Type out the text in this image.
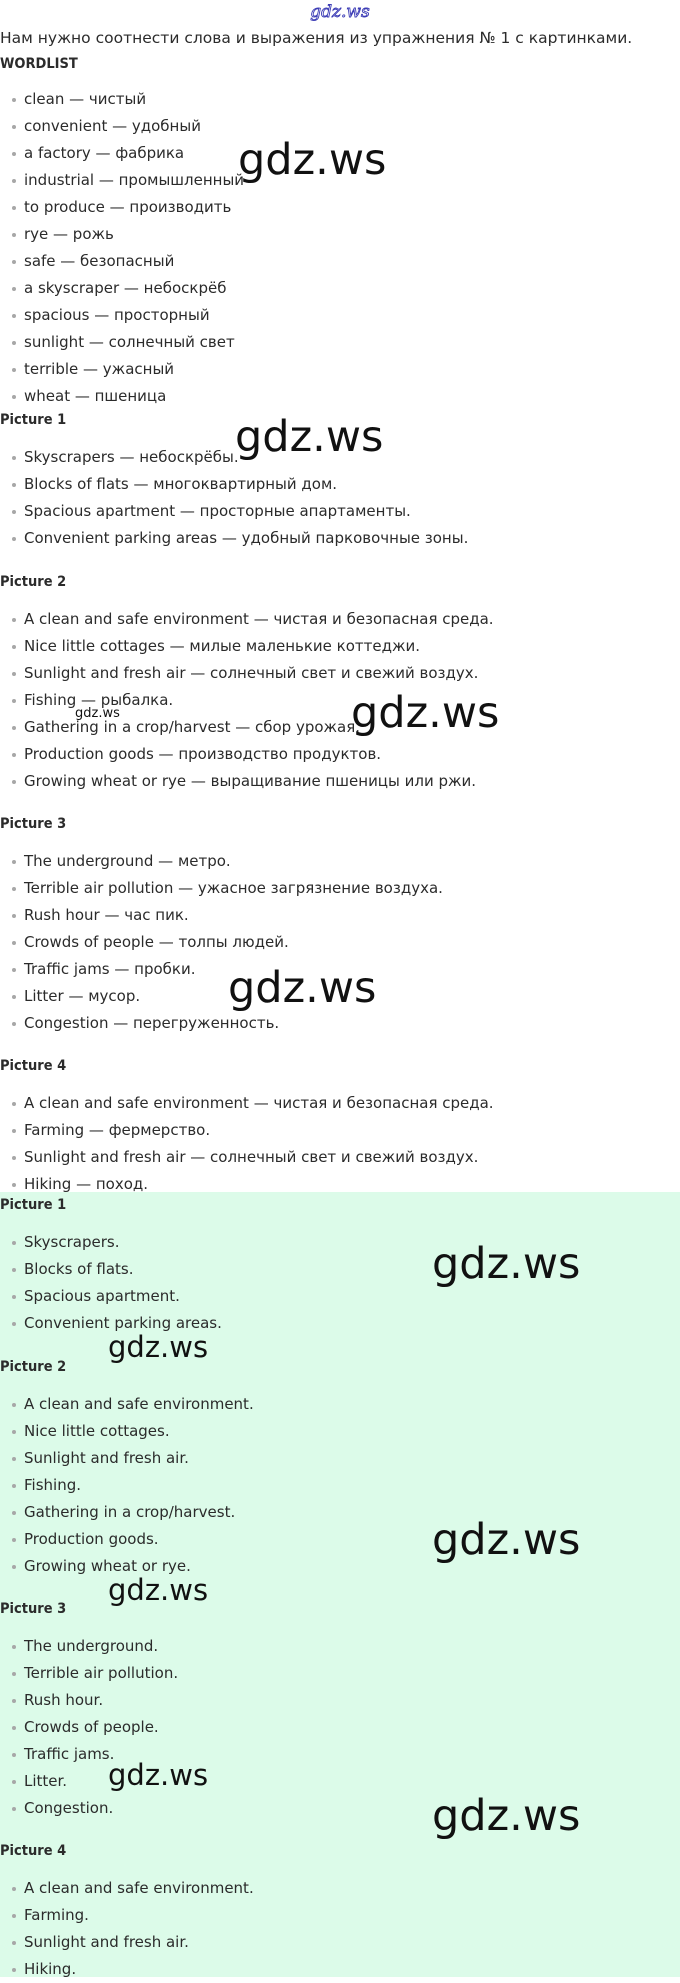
gdz.ws
Нам нужно соотнести слова и выражения из упражнения № 1 с картинками.
WORDLIST
clean — чистый
convenient — удобный
a factory — фабрика
industrial — промышленный
to produce — производить
rye — рожь
safe — безопасный
a skyscraper — небоскрёб
spacious — просторный
sunlight — солнечный свет
terrible — ужасный
wheat — пшеница
Picture 1
Skyscrapers — небоскрёбы.
Blocks of flats — многоквартирный дом.
Spacious apartment — просторные апартаменты.
Convenient parking areas — удобный парковочные зоны.
Picture 2
A clean and safe environment — чистая и безопасная среда.
Nice little cottages — милые маленькие коттеджи.
Sunlight and fresh air — солнечный свет и свежий воздух.
Fishing — рыбалка.
Gathering in a crop/harvest — сбор урожая.
Production goods — производство продуктов.
Growing wheat or rye — выращивание пшеницы или ржи.
Picture 3
The underground — метро.
Terrible air pollution — ужасное загрязнение воздуха.
Rush hour — час пик.
Crowds of people — толпы людей.
Traffic jams — пробки.
Litter — мусор.
Congestion — перегруженность.
Picture 4
A clean and safe environment — чистая и безопасная среда.
Farming — фермерство.
Sunlight and fresh air — солнечный свет и свежий воздух.
Hiking — поход.
Picture 1
Skyscrapers.
Blocks of flats.
Spacious apartment.
Convenient parking areas.
Picture 2
A clean and safe environment.
Nice little cottages.
Sunlight and fresh air.
Fishing.
Gathering in a crop/harvest.
Production goods.
Growing wheat or rye.
Picture 3
The underground.
Terrible air pollution.
Rush hour.
Crowds of people.
Traffic jams.
Litter.
Congestion.
Picture 4
A clean and safe environment.
Farming.
Sunlight and fresh air.
Hiking.
gdz.ws
gdz.ws
gdz.ws
gdz.ws
gdz.ws
gdz.ws
gdz.ws
gdz.ws
gdz.ws
gdz.ws
gdz.ws
